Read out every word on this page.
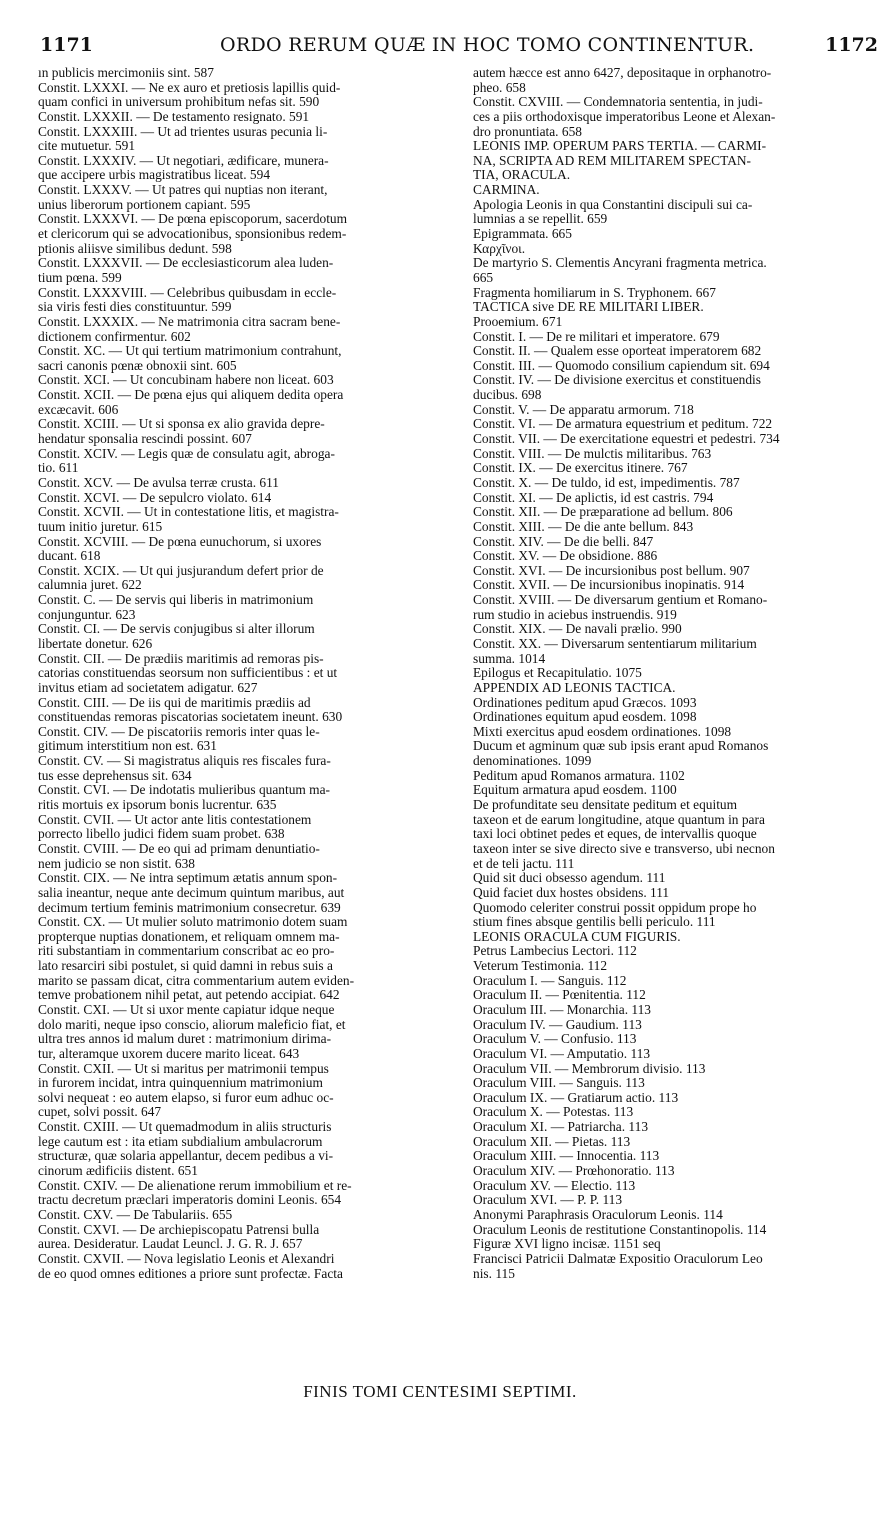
1171	ORDO RERUM QUÆ IN HOC TOMO CONTINENTUR.	1172
ın publicis mercimoniis sint. 587
Constit. LXXXI. — Ne ex auro et pretiosis lapillis quid-
quam confici in universum prohibitum nefas sit. 590
Constit. LXXXII. — De testamento resignato. 591
Constit. LXXXIII. — Ut ad trientes usuras pecunia li-
cite mutuetur. 591
Constit. LXXXIV. — Ut negotiari, ædificare, munera-
que accipere urbis magistratibus liceat. 594
Constit. LXXXV. — Ut patres qui nuptias non iterant,
unius liberorum portionem capiant. 595
Constit. LXXXVI. — De pœna episcoporum, sacerdotum
et clericorum qui se advocationibus, sponsionibus redem-
ptionis aliisve similibus dedunt. 598
Constit. LXXXVII. — De ecclesiasticorum alea luden-
tium pœna. 599
Constit. LXXXVIII. — Celebribus quibusdam in eccle-
sia viris festi dies constituuntur. 599
Constit. LXXXIX. — Ne matrimonia citra sacram bene-
dictionem confirmentur. 602
Constit. XC. — Ut qui tertium matrimonium contrahunt,
sacri canonis pœnæ obnoxii sint. 605
Constit. XCI. — Ut concubinam habere non liceat. 603
Constit. XCII. — De pœna ejus qui aliquem dedita opera
excæcavit. 606
Constit. XCIII. — Ut si sponsa ex alio gravida depre-
hendatur sponsalia rescindi possint. 607
Constit. XCIV. — Legis quæ de consulatu agit, abroga-
tio. 611
Constit. XCV. — De avulsa terræ crusta. 611
Constit. XCVI. — De sepulcro violato. 614
Constit. XCVII. — Ut in contestatione litis, et magistra-
tuum initio juretur. 615
Constit. XCVIII. — De pœna eunuchorum, si uxores
ducant. 618
Constit. XCIX. — Ut qui jusjurandum defert prior de
calumnia juret. 622
Constit. C. — De servis qui liberis in matrimonium
conjunguntur. 623
Constit. CI. — De servis conjugibus si alter illorum
libertate donetur. 626
Constit. CII. — De prædiis maritimis ad remoras pis-
catorias constituendas seorsum non sufficientibus : et ut
invitus etiam ad societatem adigatur. 627
Constit. CIII. — De iis qui de maritimis prædiis ad
constituendas remoras piscatorias societatem ineunt. 630
Constit. CIV. — De piscatoriis remoris inter quas le-
gitimum interstitium non est. 631
Constit. CV. — Si magistratus aliquis res fiscales fura-
tus esse deprehensus sit. 634
Constit. CVI. — De indotatis mulieribus quantum ma-
ritis mortuis ex ipsorum bonis lucrentur. 635
Constit. CVII. — Ut actor ante litis contestationem
porrecto libello judici fidem suam probet. 638
Constit. CVIII. — De eo qui ad primam denuntiatio-
nem judicio se non sistit. 638
Constit. CIX. — Ne intra septimum ætatis annum spon-
salia ineantur, neque ante decimum quintum maribus, aut
decimum tertium feminis matrimonium consecretur. 639
Constit. CX. — Ut mulier soluto matrimonio dotem suam
propterque nuptias donationem, et reliquam omnem ma-
riti substantiam in commentarium conscribat ac eo pro-
lato resarciri sibi postulet, si quid damni in rebus suis a
marito se passam dicat, citra commentarium autem eviden-
temve probationem nihil petat, aut petendo accipiat. 642
Constit. CXI. — Ut si uxor mente capiatur idque neque
dolo mariti, neque ipso conscio, aliorum maleficio fiat, et
ultra tres annos id malum duret : matrimonium dirima-
tur, alteramque uxorem ducere marito liceat. 643
Constit. CXII. — Ut si maritus per matrimonii tempus
in furorem incidat, intra quinquennium matrimonium
solvi nequeat : eo autem elapso, si furor eum adhuc oc-
cupet, solvi possit. 647
Constit. CXIII. — Ut quemadmodum in aliis structuris
lege cautum est : ita etiam subdialium ambulacrorum
structuræ, quæ solaria appellantur, decem pedibus a vi-
cinorum ædificiis distent. 651
Constit. CXIV. — De alienatione rerum immobilium et re-
tractu decretum præclari imperatoris domini Leonis. 654
Constit. CXV. — De Tabulariis. 655
Constit. CXVI. — De archiepiscopatu Patrensi bulla
aurea. Desideratur. Laudat Leuncl. J. G. R. J. 657
Constit. CXVII. — Nova legislatio Leonis et Alexandri
de eo quod omnes editiones a priore sunt profectæ. Facta
autem hæcce est anno 6427, depositaque in orphanotro-
pheo. 658
Constit. CXVIII. — Condemnatoria sententia, in judi-
ces a piis orthodoxisque imperatoribus Leone et Alexan-
dro pronuntiata. 658
LEONIS IMP. OPERUM PARS TERTIA. — CARMI-
NA, SCRIPTA AD REM MILITAREM SPECTAN-
TIA, ORACULA.
CARMINA.
Apologia Leonis in qua Constantini discipuli sui ca-
lumnias a se repellit. 659
Epigrammata. 665
Καρχῖνοι.
De martyrio S. Clementis Ancyrani fragmenta metrica.
665
Fragmenta homiliarum in S. Tryphonem. 667
TACTICA sive DE RE MILITARI LIBER.
Prooemium. 671
Constit. I. — De re militari et imperatore. 679
Constit. II. — Qualem esse oporteat imperatorem 682
Constit. III. — Quomodo consilium capiendum sit. 694
Constit. IV. — De divisione exercitus et constituendis
ducibus. 698
Constit. V. — De apparatu armorum. 718
Constit. VI. — De armatura equestrium et peditum. 722
Constit. VII. — De exercitatione equestri et pedestri. 734
Constit. VIII. — De mulctis militaribus. 763
Constit. IX. — De exercitus itinere. 767
Constit. X. — De tuldo, id est, impedimentis. 787
Constit. XI. — De aplictis, id est castris. 794
Constit. XII. — De præparatione ad bellum. 806
Constit. XIII. — De die ante bellum. 843
Constit. XIV. — De die belli. 847
Constit. XV. — De obsidione. 886
Constit. XVI. — De incursionibus post bellum. 907
Constit. XVII. — De incursionibus inopinatis. 914
Constit. XVIII. — De diversarum gentium et Romano-
rum studio in aciebus instruendis. 919
Constit. XIX. — De navali prælio. 990
Constit. XX. — Diversarum sententiarum militarium
summa. 1014
Epilogus et Recapitulatio. 1075
APPENDIX AD LEONIS TACTICA.
Ordinationes peditum apud Græcos. 1093
Ordinationes equitum apud eosdem. 1098
Mixti exercitus apud eosdem ordinationes. 1098
Ducum et agminum quæ sub ipsis erant apud Romanos
denominationes. 1099
Peditum apud Romanos armatura. 1102
Equitum armatura apud eosdem. 1100
De profunditate seu densitate peditum et equitum
taxeon et de earum longitudine, atque quantum in para
taxi loci obtinet pedes et eques, de intervallis quoque
taxeon inter se sive directo sive e transverso, ubi necnon
et de teli jactu. 111
Quid sit duci obsesso agendum. 111
Quid faciet dux hostes obsidens. 111
Quomodo celeriter construi possit oppidum prope ho
stium fines absque gentilis belli periculo. 111
LEONIS ORACULA CUM FIGURIS.
Petrus Lambecius Lectori. 112
Veterum Testimonia. 112
Oraculum I. — Sanguis. 112
Oraculum II. — Pœnitentia. 112
Oraculum III. — Monarchia. 113
Oraculum IV. — Gaudium. 113
Oraculum V. — Confusio. 113
Oraculum VI. — Amputatio. 113
Oraculum VII. — Membrorum divisio. 113
Oraculum VIII. — Sanguis. 113
Oraculum IX. — Gratiarum actio. 113
Oraculum X. — Potestas. 113
Oraculum XI. — Patriarcha. 113
Oraculum XII. — Pietas. 113
Oraculum XIII. — Innocentia. 113
Oraculum XIV. — Prœhonoratio. 113
Oraculum XV. — Electio. 113
Oraculum XVI. — P. P. 113
Anonymi Paraphrasis Oraculorum Leonis. 114
Oraculum Leonis de restitutione Constantinopolis. 114
Figuræ XVI ligno incisæ. 1151 seq
Francisci Patricii Dalmatæ Expositio Oraculorum Leo
nis. 115
FINIS TOMI CENTESIMI SEPTIMI.
